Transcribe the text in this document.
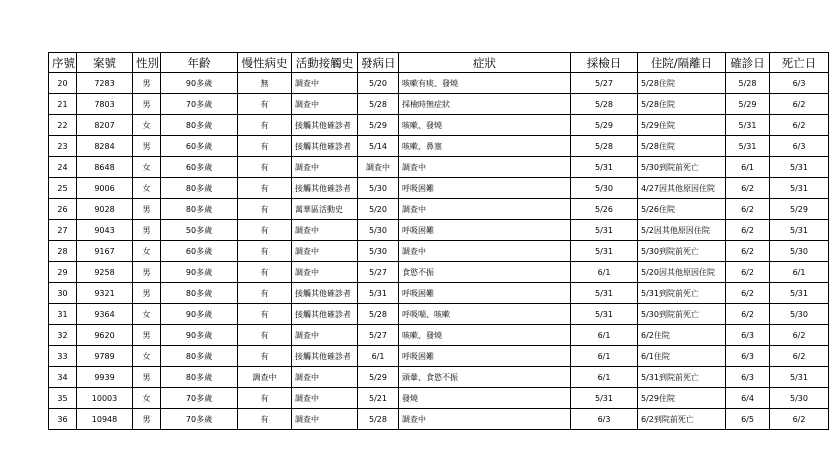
序號	案號	性別	年齡	慢性病史	活動接觸史	發病日	症狀	採檢日	住院/隔離日	確診日	死亡日
20	7283	男	90多歲	無	調查中	5/20	咳嗽有痰、發燒	5/27	5/28住院	5/28	6/3
21	7803	男	70多歲	有	調查中	5/28	採檢時無症狀	5/28	5/28住院	5/29	6/2
22	8207	女	80多歲	有	接觸其他確診者	5/29	咳嗽、發燒	5/29	5/29住院	5/31	6/2
23	8284	男	60多歲	有	接觸其他確診者	5/14	咳嗽、鼻塞	5/28	5/28住院	5/31	6/3
24	8648	女	60多歲	有	調查中	調查中	調查中	5/31	5/30到院前死亡	6/1	5/31
25	9006	女	80多歲	有	接觸其他確診者	5/30	呼吸困難	5/30	4/27因其他原因住院	6/2	5/31
26	9028	男	80多歲	有	萬華區活動史	5/20	調查中	5/26	5/26住院	6/2	5/29
27	9043	男	50多歲	有	調查中	5/30	呼吸困難	5/31	5/2因其他原因住院	6/2	5/31
28	9167	女	60多歲	有	調查中	5/30	調查中	5/31	5/30到院前死亡	6/2	5/30
29	9258	男	90多歲	有	調查中	5/27	食慾不振	6/1	5/20因其他原因住院	6/2	6/1
30	9321	男	80多歲	有	接觸其他確診者	5/31	呼吸困難	5/31	5/31到院前死亡	6/2	5/31
31	9364	女	90多歲	有	接觸其他確診者	5/28	呼吸喘、咳嗽	5/31	5/30到院前死亡	6/2	5/30
32	9620	男	90多歲	有	調查中	5/27	咳嗽、發燒	6/1	6/2住院	6/3	6/2
33	9789	女	80多歲	有	接觸其他確診者	6/1	呼吸困難	6/1	6/1住院	6/3	6/2
34	9939	男	80多歲	調查中	調查中	5/29	頭暈、食慾不振	6/1	5/31到院前死亡	6/3	5/31
35	10003	女	70多歲	有	調查中	5/21	發燒	5/31	5/29住院	6/4	5/30
36	10948	男	70多歲	有	調查中	5/28	調查中	6/3	6/2到院前死亡	6/5	6/2
